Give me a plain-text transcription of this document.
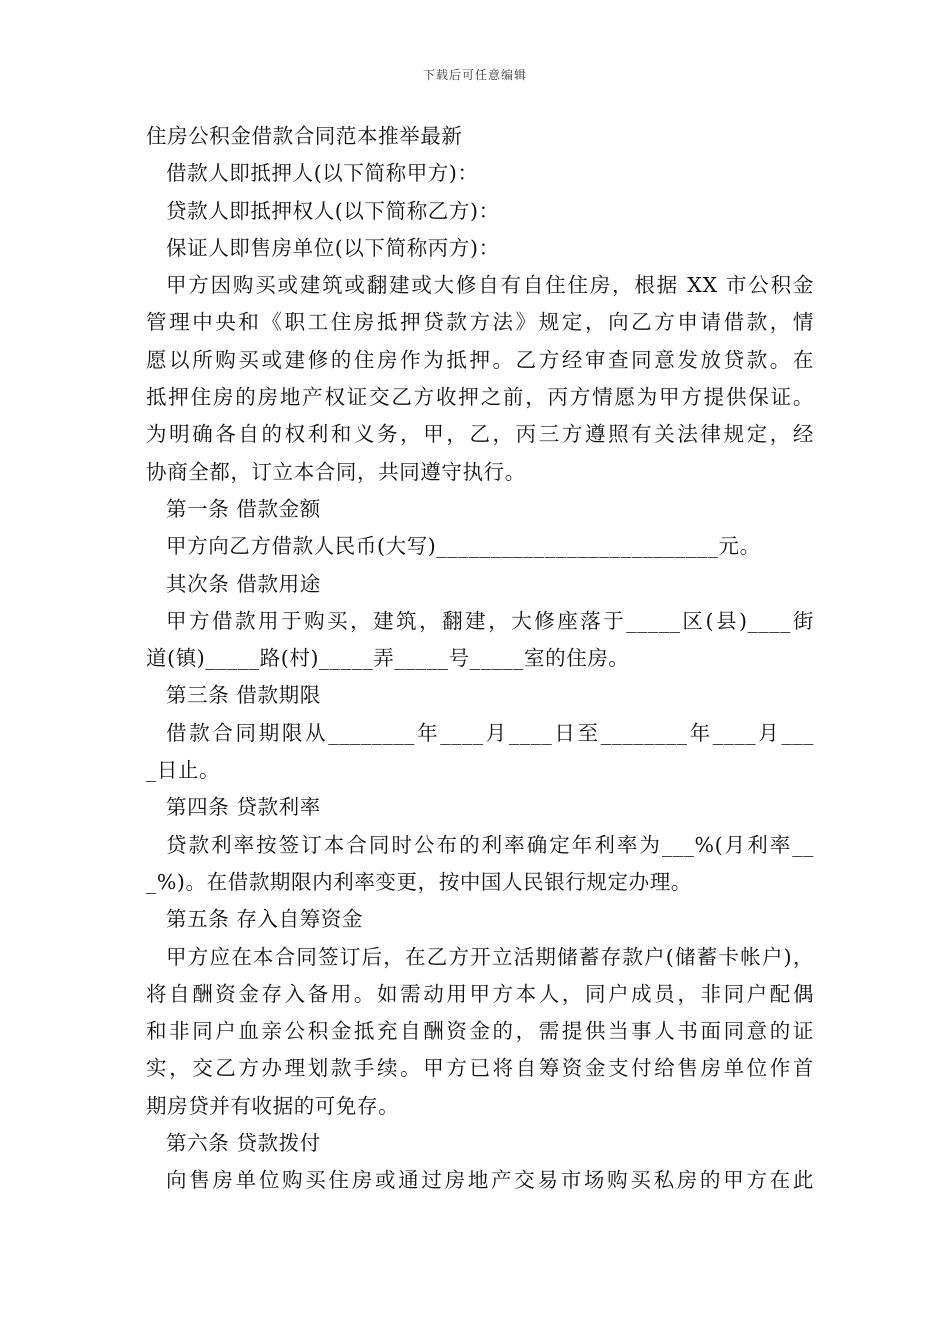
下载后可任意编辑
住房公积金借款合同范本推举最新
借款人即抵押人(以下简称甲方)：
贷款人即抵押权人(以下简称乙方)：
保证人即售房单位(以下简称丙方)：
甲方因购买或建筑或翻建或大修自有自住住房，根据 XX 市公积金
管理中央和《职工住房抵押贷款方法》规定，向乙方申请借款，情
愿以所购买或建修的住房作为抵押。乙方经审查同意发放贷款。在
抵押住房的房地产权证交乙方收押之前，丙方情愿为甲方提供保证。
为明确各自的权利和义务，甲，乙，丙三方遵照有关法律规定，经
协商全都，订立本合同，共同遵守执行。
第一条 借款金额
甲方向乙方借款人民币(大写)__________________________元。
其次条 借款用途
甲方借款用于购买，建筑，翻建，大修座落于_____区(县)____街
道(镇)_____路(村)_____弄_____号_____室的住房。
第三条 借款期限
借款合同期限从________年____月____日至________年____月___
_日止。
第四条 贷款利率
贷款利率按签订本合同时公布的利率确定年利率为___%(月利率__
_%)。在借款期限内利率变更，按中国人民银行规定办理。
第五条 存入自筹资金
甲方应在本合同签订后，在乙方开立活期储蓄存款户(储蓄卡帐户)，
将自酬资金存入备用。如需动用甲方本人，同户成员，非同户配偶
和非同户血亲公积金抵充自酬资金的，需提供当事人书面同意的证
实，交乙方办理划款手续。甲方已将自筹资金支付给售房单位作首
期房贷并有收据的可免存。
第六条 贷款拨付
向售房单位购买住房或通过房地产交易市场购买私房的甲方在此
